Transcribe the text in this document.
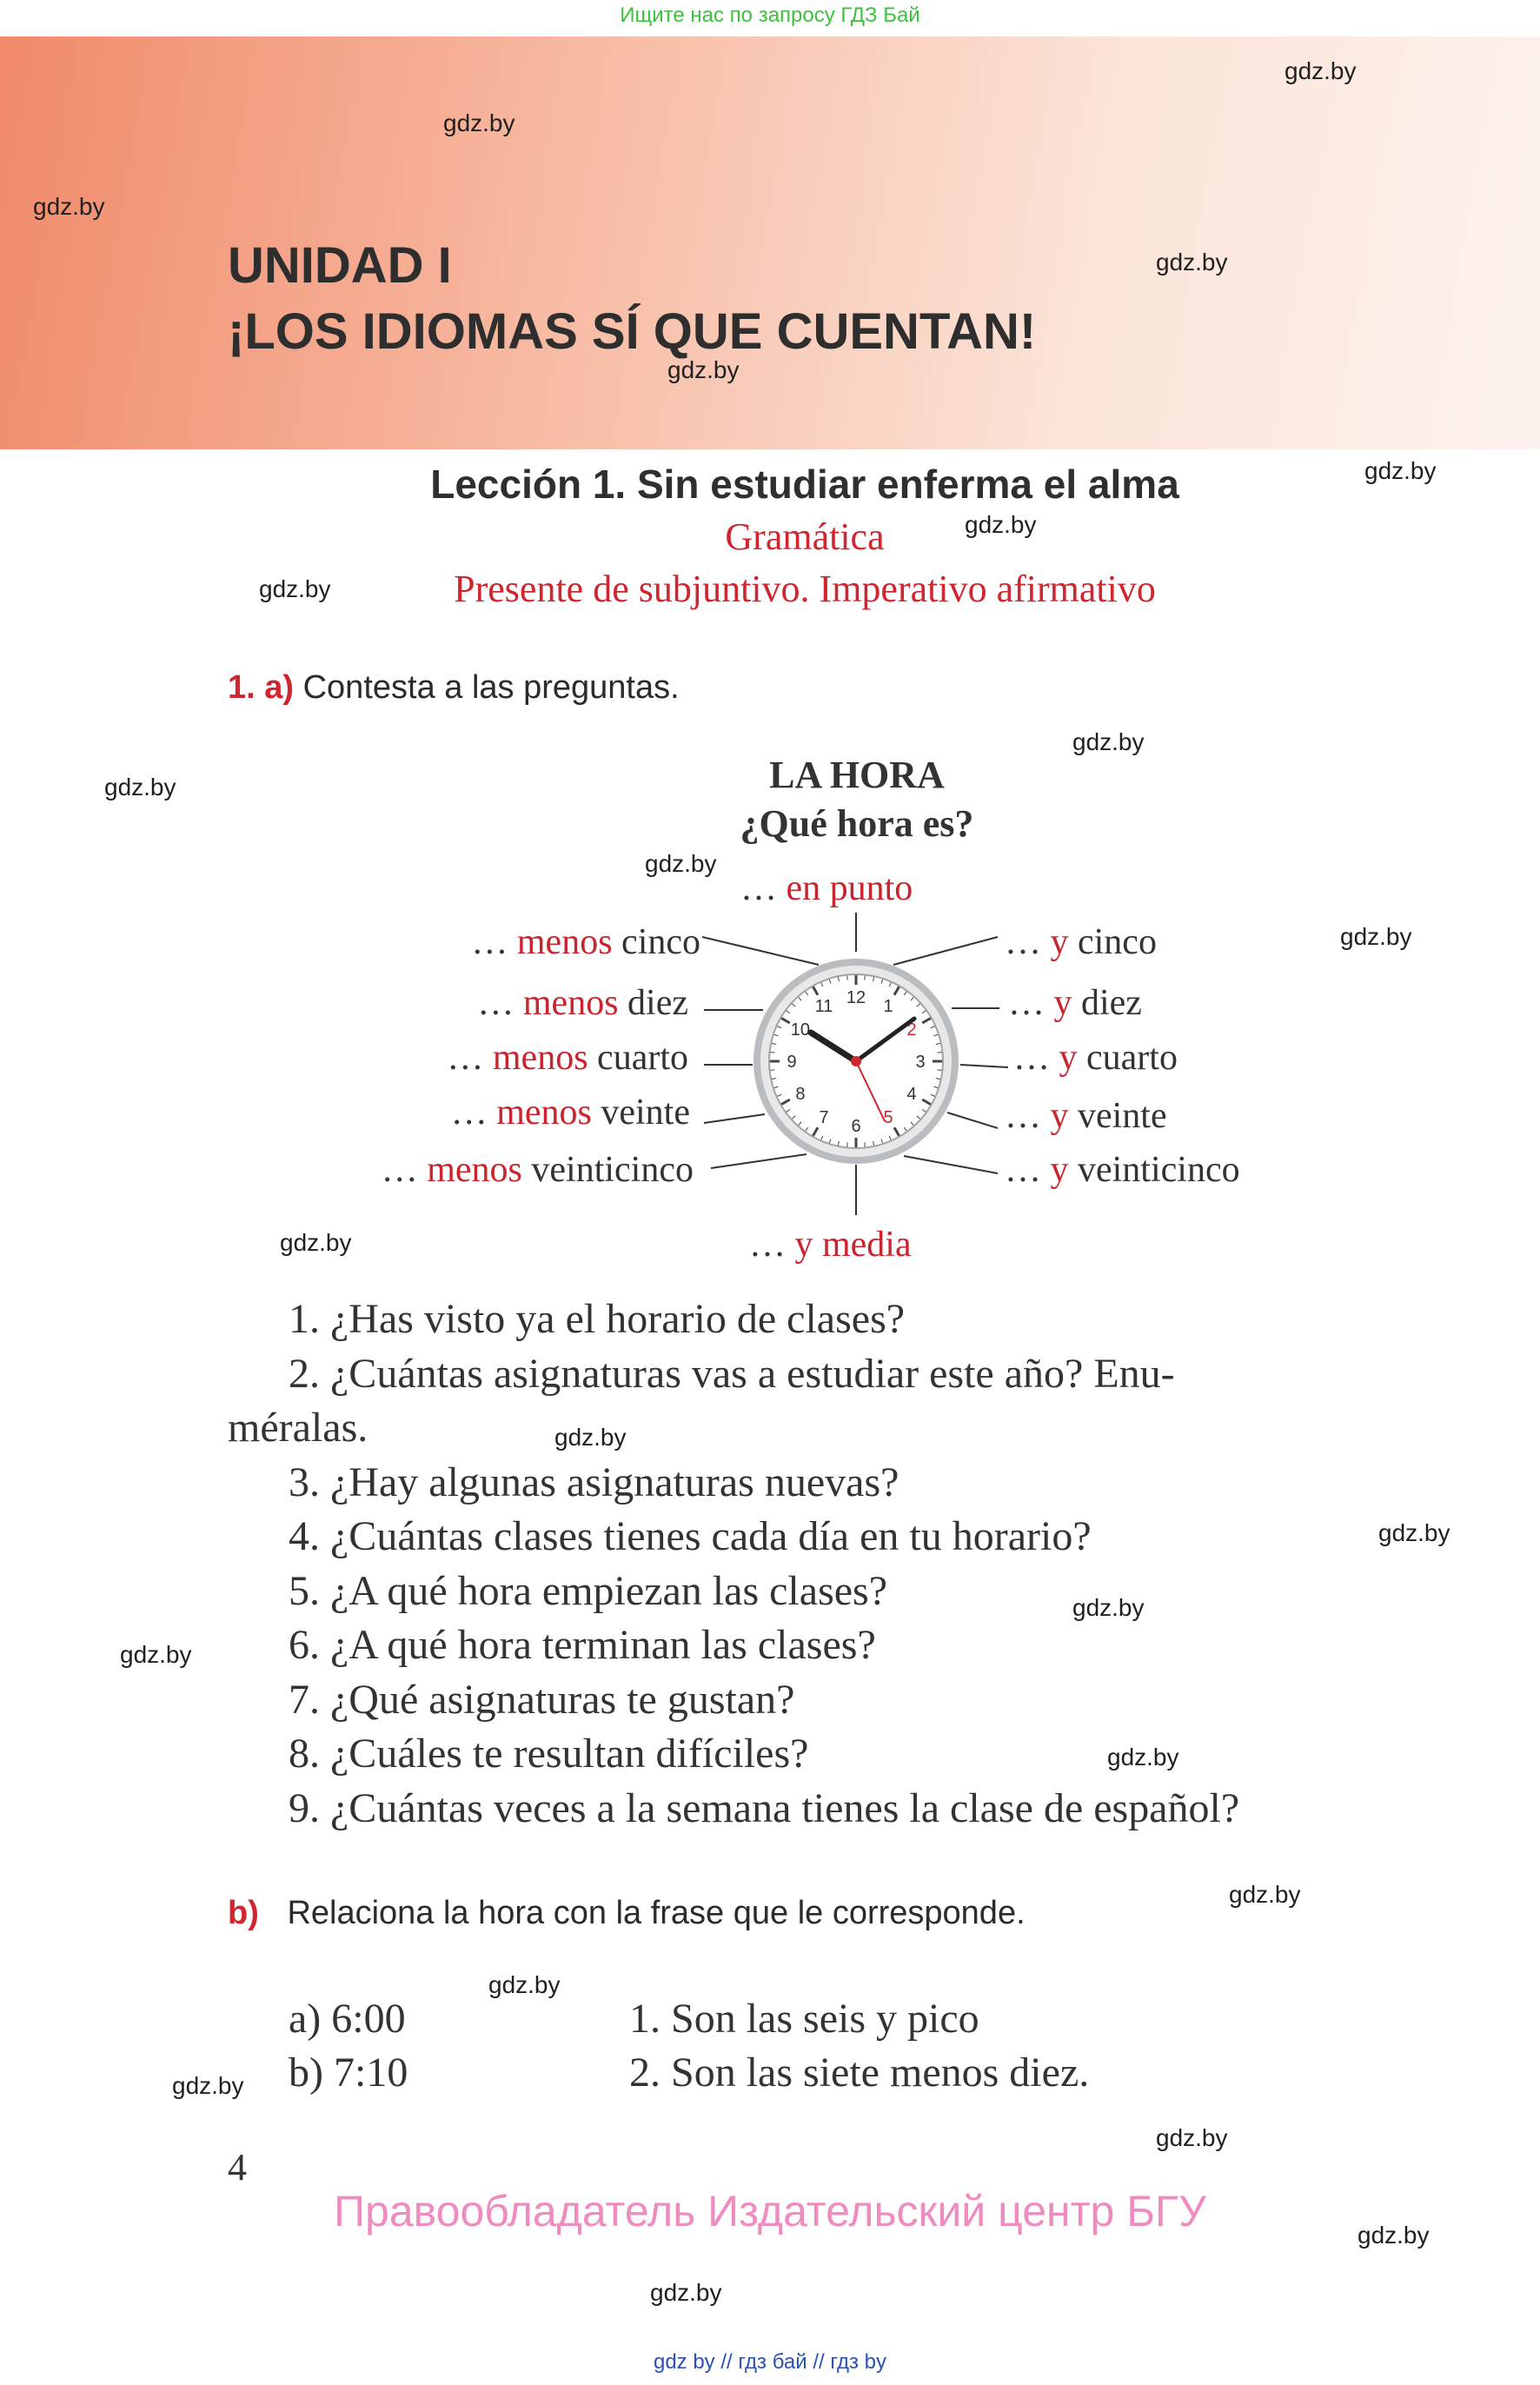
Ищите нас по запросу ГДЗ Бай
UNIDAD I
¡LOS IDIOMAS SÍ QUE CUENTAN!
Lección 1. Sin estudiar enferma el alma
Gramática
Presente de subjuntivo. Imperativo afirmativo
1. a) Contesta a las preguntas.
LA HORA
¿Qué hora es?
12 1
2
3
4
5
6
7
8
9
10
11
… en punto
… y media
… y cinco
… y diez
… y cuarto
… y veinte
… y veinticinco
… menos cinco
… menos diez
… menos cuarto
… menos veinte
… menos veinticinco
1. ¿Has visto ya el horario de clases?
2. ¿Cuántas asignaturas vas a estudiar este año? Enu-
méralas.
3. ¿Hay algunas asignaturas nuevas?
4. ¿Cuántas clases tienes cada día en tu horario?
5. ¿A qué hora empiezan las clases?
6. ¿A qué hora terminan las clases?
7. ¿Qué asignaturas te gustan?
8. ¿Cuáles te resultan difíciles?
9. ¿Cuántas veces a la semana tienes la clase de español?
b) Relaciona la hora con la frase que le corresponde.
a) 6:00
b) 7:10
1. Son las seis y pico
2. Son las siete menos diez.
4
Правообладатель Издательский центр БГУ
gdz by // гдз бай // гдз by
gdz.by
gdz.by
gdz.by
gdz.by
gdz.by
gdz.by
gdz.by
gdz.by
gdz.by
gdz.by
gdz.by
gdz.by
gdz.by
gdz.by
gdz.by
gdz.by
gdz.by
gdz.by
gdz.by
gdz.by
gdz.by
gdz.by
gdz.by
gdz.by
